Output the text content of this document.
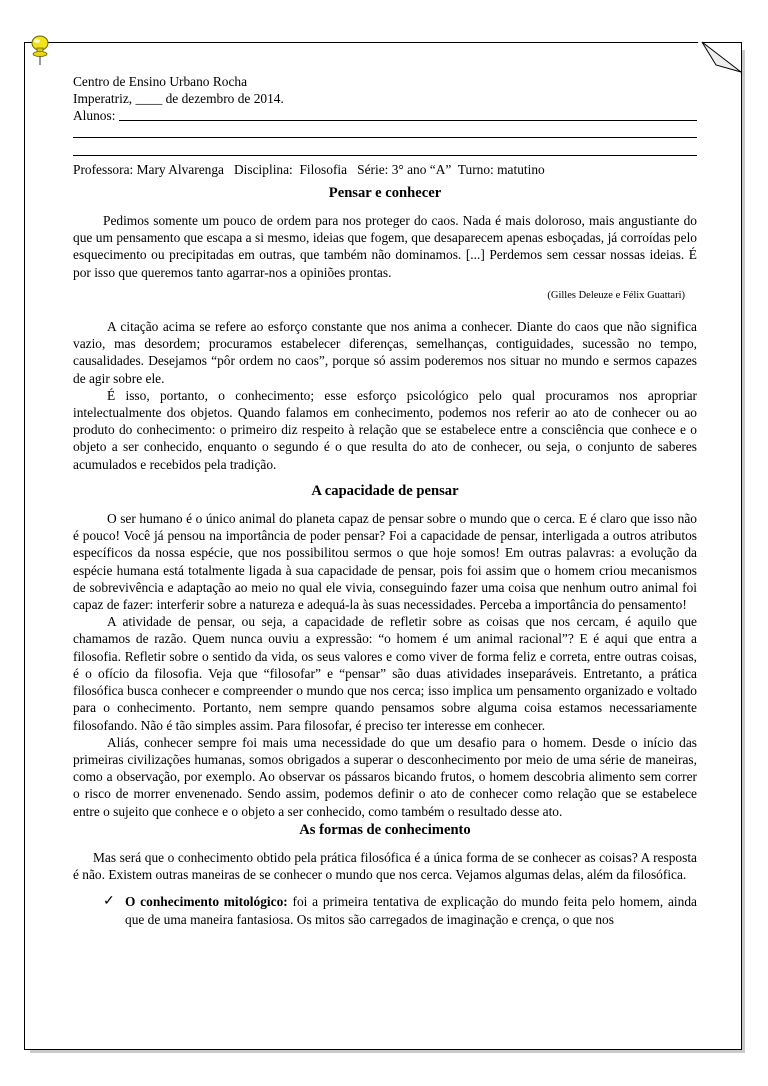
Centro de Ensino Urbano Rocha
Imperatriz, ____ de dezembro de 2014.
Alunos:
Professora: Mary Alvarenga   Disciplina:  Filosofia   Série: 3° ano “A”  Turno: matutino
Pensar e conhecer

Pedimos somente um pouco de ordem para nos proteger do caos. Nada é mais doloroso, mais angustiante do que um pensamento que escapa a si mesmo, ideias que fogem, que desaparecem apenas esboçadas, já corroídas pelo esquecimento ou precipitadas em outras, que também não dominamos. [...] Perdemos sem cessar nossas ideias. É por isso que queremos tanto agarrar-nos a opiniões prontas.

(Gilles Deleuze e Félix Guattari)

A citação acima se refere ao esforço constante que nos anima a conhecer. Diante do caos que não significa vazio, mas desordem; procuramos estabelecer diferenças, semelhanças, contiguidades, sucessão no tempo, causalidades. Desejamos “pôr ordem no caos”, porque só assim poderemos nos situar no mundo e sermos capazes de agir sobre ele.

É isso, portanto, o conhecimento; esse esforço psicológico pelo qual procuramos nos apropriar intelectualmente dos objetos. Quando falamos em conhecimento, podemos nos referir ao ato de conhecer ou ao produto do conhecimento: o primeiro diz respeito à relação que se estabelece entre a consciência que conhece e o objeto a ser conhecido, enquanto o segundo é o que resulta do ato de conhecer, ou seja, o conjunto de saberes acumulados e recebidos pela tradição.

A capacidade de pensar

O ser humano é o único animal do planeta capaz de pensar sobre o mundo que o cerca. E é claro que isso não é pouco! Você já pensou na importância de poder pensar? Foi a capacidade de pensar, interligada a outros atributos específicos da nossa espécie, que nos possibilitou sermos o que hoje somos! Em outras palavras: a evolução da espécie humana está totalmente ligada à sua capacidade de pensar, pois foi assim que o homem criou mecanismos de sobrevivência e adaptação ao meio no qual ele vivia, conseguindo fazer uma coisa que nenhum outro animal foi capaz de fazer: interferir sobre a natureza e adequá-la às suas necessidades. Perceba a importância do pensamento!

A atividade de pensar, ou seja, a capacidade de refletir sobre as coisas que nos cercam, é aquilo que chamamos de razão. Quem nunca ouviu a expressão: “o homem é um animal racional”? E é aqui que entra a filosofia. Refletir sobre o sentido da vida, os seus valores e como viver de forma feliz e correta, entre outras coisas, é o ofício da filosofia. Veja que “filosofar” e “pensar” são duas atividades inseparáveis. Entretanto, a prática filosófica busca conhecer e compreender o mundo que nos cerca; isso implica um pensamento organizado e voltado para o conhecimento. Portanto, nem sempre quando pensamos sobre alguma coisa estamos necessariamente filosofando. Não é tão simples assim. Para filosofar, é preciso ter interesse em conhecer.

Aliás, conhecer sempre foi mais uma necessidade do que um desafio para o homem. Desde o início das primeiras civilizações humanas, somos obrigados a superar o desconhecimento por meio de uma série de maneiras, como a observação, por exemplo. Ao observar os pássaros bicando frutos, o homem descobria alimento sem correr o risco de morrer envenenado. Sendo assim, podemos definir o ato de conhecer como relação que se estabelece entre o sujeito que conhece e o objeto a ser conhecido, como também o resultado desse ato.

As formas de conhecimento

Mas será que o conhecimento obtido pela prática filosófica é a única forma de se conhecer as coisas? A resposta é não. Existem outras maneiras de se conhecer o mundo que nos cerca. Vejamos algumas delas, além da filosófica.

✓ O conhecimento mitológico: foi a primeira tentativa de explicação do mundo feita pelo homem, ainda que de uma maneira fantasiosa. Os mitos são carregados de imaginação e crença, o que nos
